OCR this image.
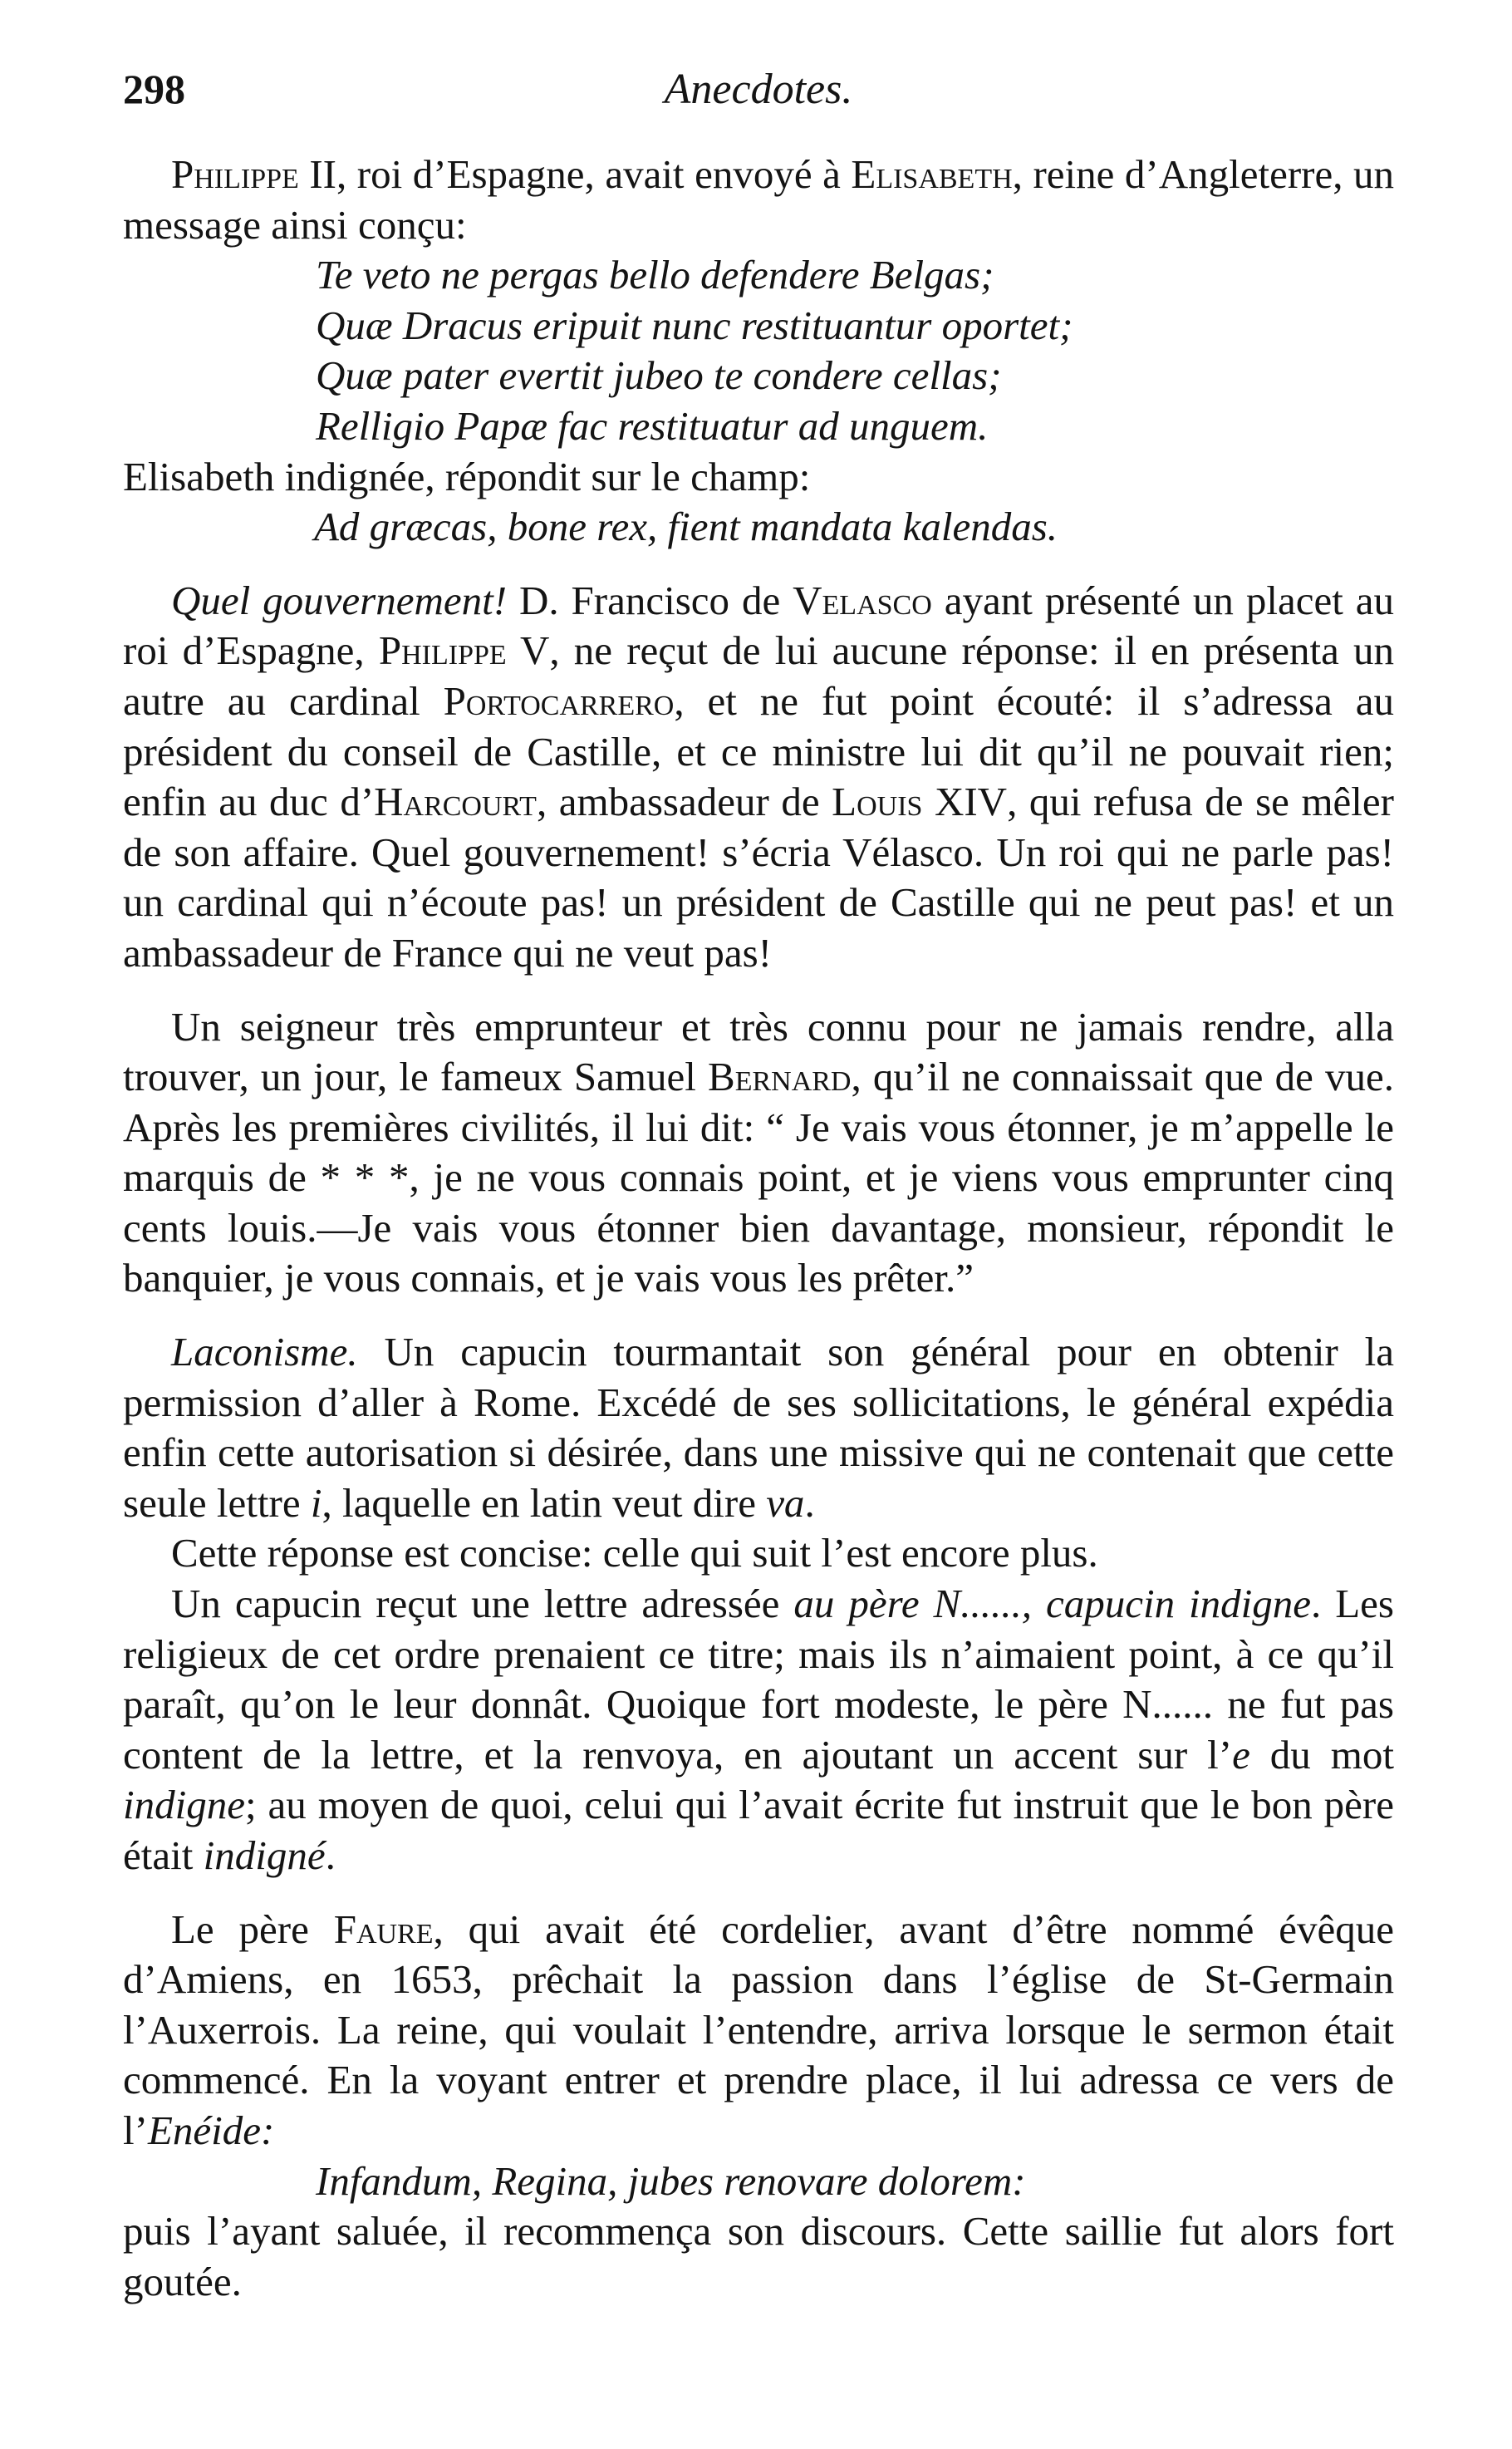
298	Anecdotes.

Philippe II, roi d’Espagne, avait envoyé à Elisabeth, reine d’Angleterre, un message ainsi conçu:

Te veto ne pergas bello defendere Belgas;
Quæ Dracus eripuit nunc restituantur oportet;
Quæ pater evertit jubeo te condere cellas;
Relligio Papæ fac restituatur ad unguem.

Elisabeth indignée, répondit sur le champ:

Ad græcas, bone rex, fient mandata kalendas.

Quel gouvernement! D. Francisco de Velasco ayant présenté un placet au roi d’Espagne, Philippe V, ne reçut de lui aucune réponse: il en présenta un autre au cardinal Portocarrero, et ne fut point écouté: il s’adressa au président du conseil de Castille, et ce ministre lui dit qu’il ne pouvait rien; enfin au duc d’Harcourt, ambassadeur de Louis XIV, qui refusa de se mêler de son affaire. Quel gouvernement! s’écria Vélasco. Un roi qui ne parle pas! un cardinal qui n’écoute pas! un président de Castille qui ne peut pas! et un ambassadeur de France qui ne veut pas!

Un seigneur très emprunteur et très connu pour ne jamais rendre, alla trouver, un jour, le fameux Samuel Bernard, qu’il ne connaissait que de vue. Après les premières civilités, il lui dit: “ Je vais vous étonner, je m’appelle le marquis de * * *, je ne vous connais point, et je viens vous emprunter cinq cents louis.—Je vais vous étonner bien davantage, monsieur, répondit le banquier, je vous connais, et je vais vous les prêter.”

Laconisme. Un capucin tourmantait son général pour en obtenir la permission d’aller à Rome. Excédé de ses sollicitations, le général expédia enfin cette autorisation si désirée, dans une missive qui ne contenait que cette seule lettre i, laquelle en latin veut dire va.

Cette réponse est concise: celle qui suit l’est encore plus.

Un capucin reçut une lettre adressée au père N......, capucin indigne. Les religieux de cet ordre prenaient ce titre; mais ils n’aimaient point, à ce qu’il paraît, qu’on le leur donnât. Quoique fort modeste, le père N...... ne fut pas content de la lettre, et la renvoya, en ajoutant un accent sur l’e du mot indigne; au moyen de quoi, celui qui l’avait écrite fut instruit que le bon père était indigné.

Le père Faure, qui avait été cordelier, avant d’être nommé évêque d’Amiens, en 1653, prêchait la passion dans l’église de St-Germain l’Auxerrois. La reine, qui voulait l’entendre, arriva lorsque le sermon était commencé. En la voyant entrer et prendre place, il lui adressa ce vers de l’Enéide:

Infandum, Regina, jubes renovare dolorem:

puis l’ayant saluée, il recommença son discours. Cette saillie fut alors fort goutée.
